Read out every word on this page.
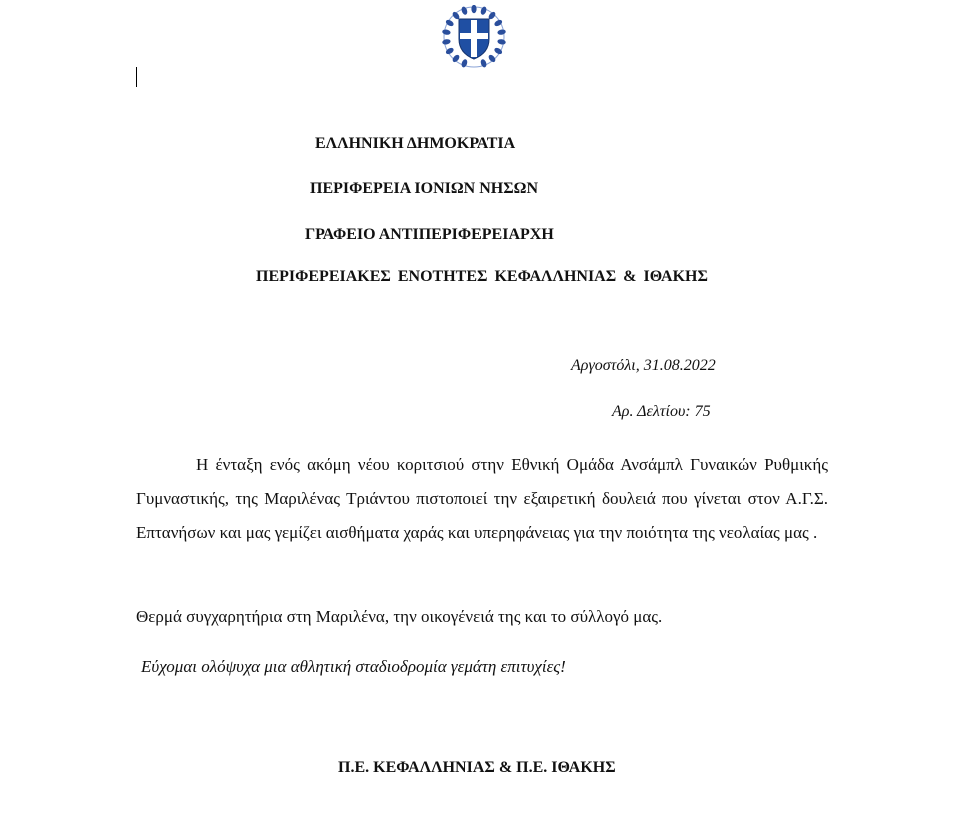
ΕΛΛΗΝΙΚΗ ΔΗΜΟΚΡΑΤΙΑ
ΠΕΡΙΦΕΡΕΙΑ ΙΟΝΙΩΝ ΝΗΣΩΝ
ΓΡΑΦΕΙΟ ΑΝΤΙΠΕΡΙΦΕΡΕΙΑΡΧΗ
ΠΕΡΙΦΕΡΕΙΑΚΕΣ ΕΝΟΤΗΤΕΣ ΚΕΦΑΛΛΗΝΙΑΣ & ΙΘΑΚΗΣ
Αργοστόλι, 31.08.2022
Αρ. Δελτίου: 75

Η ένταξη ενός ακόμη νέου κοριτσιού στην Εθνική Ομάδα Ανσάμπλ Γυναικών Ρυθμικής Γυμναστικής, της Μαριλένας Τριάντου πιστοποιεί την εξαιρετική δουλειά που γίνεται στον Α.Γ.Σ. Επτανήσων και μας γεμίζει αισθήματα χαράς και υπερηφάνειας για την ποιότητα της νεολαίας μας .

Θερμά συγχαρητήρια στη Μαριλένα, την οικογένειά της και το σύλλογό μας.

Εύχομαι ολόψυχα μια αθλητική σταδιοδρομία γεμάτη επιτυχίες!

Π.Ε. ΚΕΦΑΛΛΗΝΙΑΣ & Π.Ε. ΙΘΑΚΗΣ
